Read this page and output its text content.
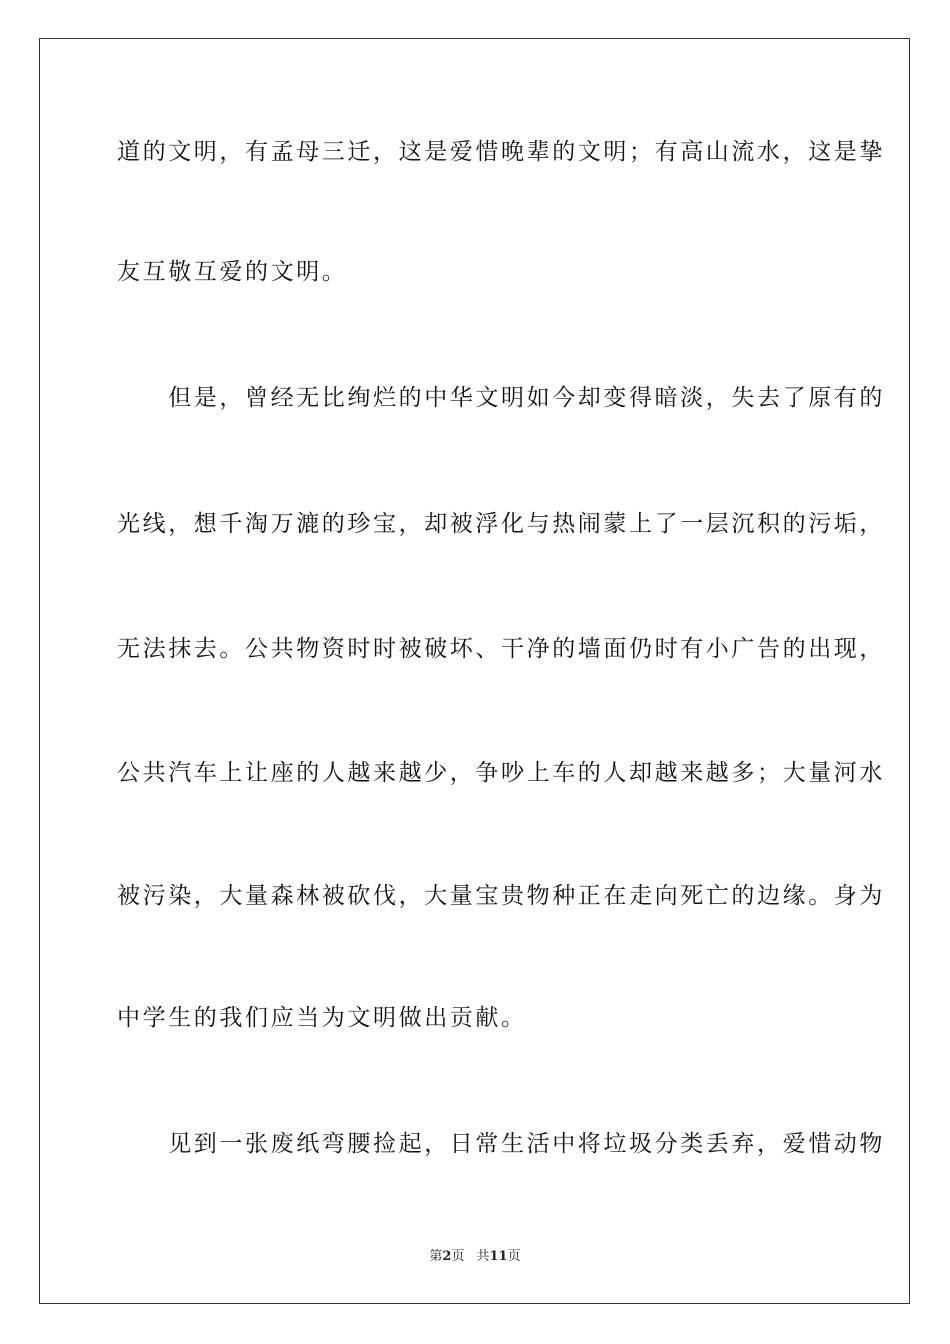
道的文明，有孟母三迁，这是爱惜晚辈的文明；有高山流水，这是挚
友互敬互爱的文明。
　　但是，曾经无比绚烂的中华文明如今却变得暗淡，失去了原有的
光线，想千淘万漉的珍宝，却被浮化与热闹蒙上了一层沉积的污垢，
无法抹去。公共物资时时被破坏、干净的墙面仍时有小广告的出现，
公共汽车上让座的人越来越少，争吵上车的人却越来越多；大量河水
被污染，大量森林被砍伐，大量宝贵物种正在走向死亡的边缘。身为
中学生的我们应当为文明做出贡献。
　　见到一张废纸弯腰捡起，日常生活中将垃圾分类丢弃，爱惜动物
第2页 共11页
